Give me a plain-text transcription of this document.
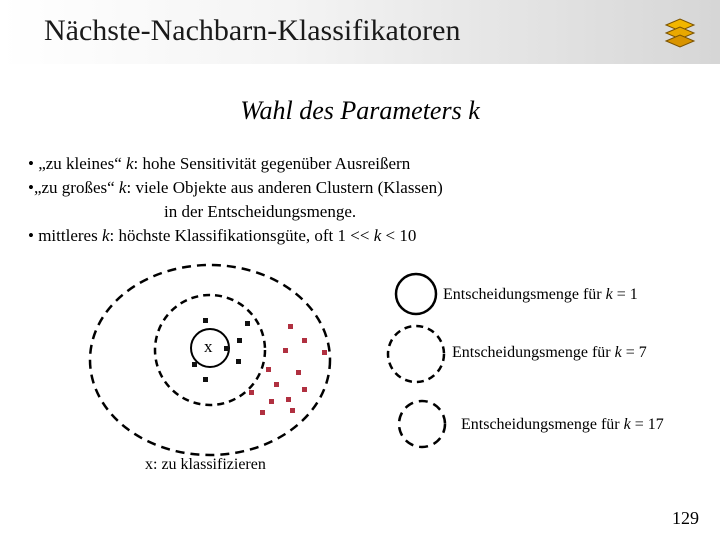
Nächste-Nachbarn-Klassifikatoren
Wahl des Parameters k
• „zu kleines“ k: hohe Sensitivität gegenüber Ausreißern
•„zu großes“ k: viele Objekte aus anderen Clustern (Klassen)
in der Entscheidungsmenge.
• mittleres k: höchste Klassifikationsgüte, oft 1 << k < 10
x
Entscheidungsmenge für k = 1
Entscheidungsmenge für k = 7
Entscheidungsmenge für k = 17
x: zu klassifizieren
129
